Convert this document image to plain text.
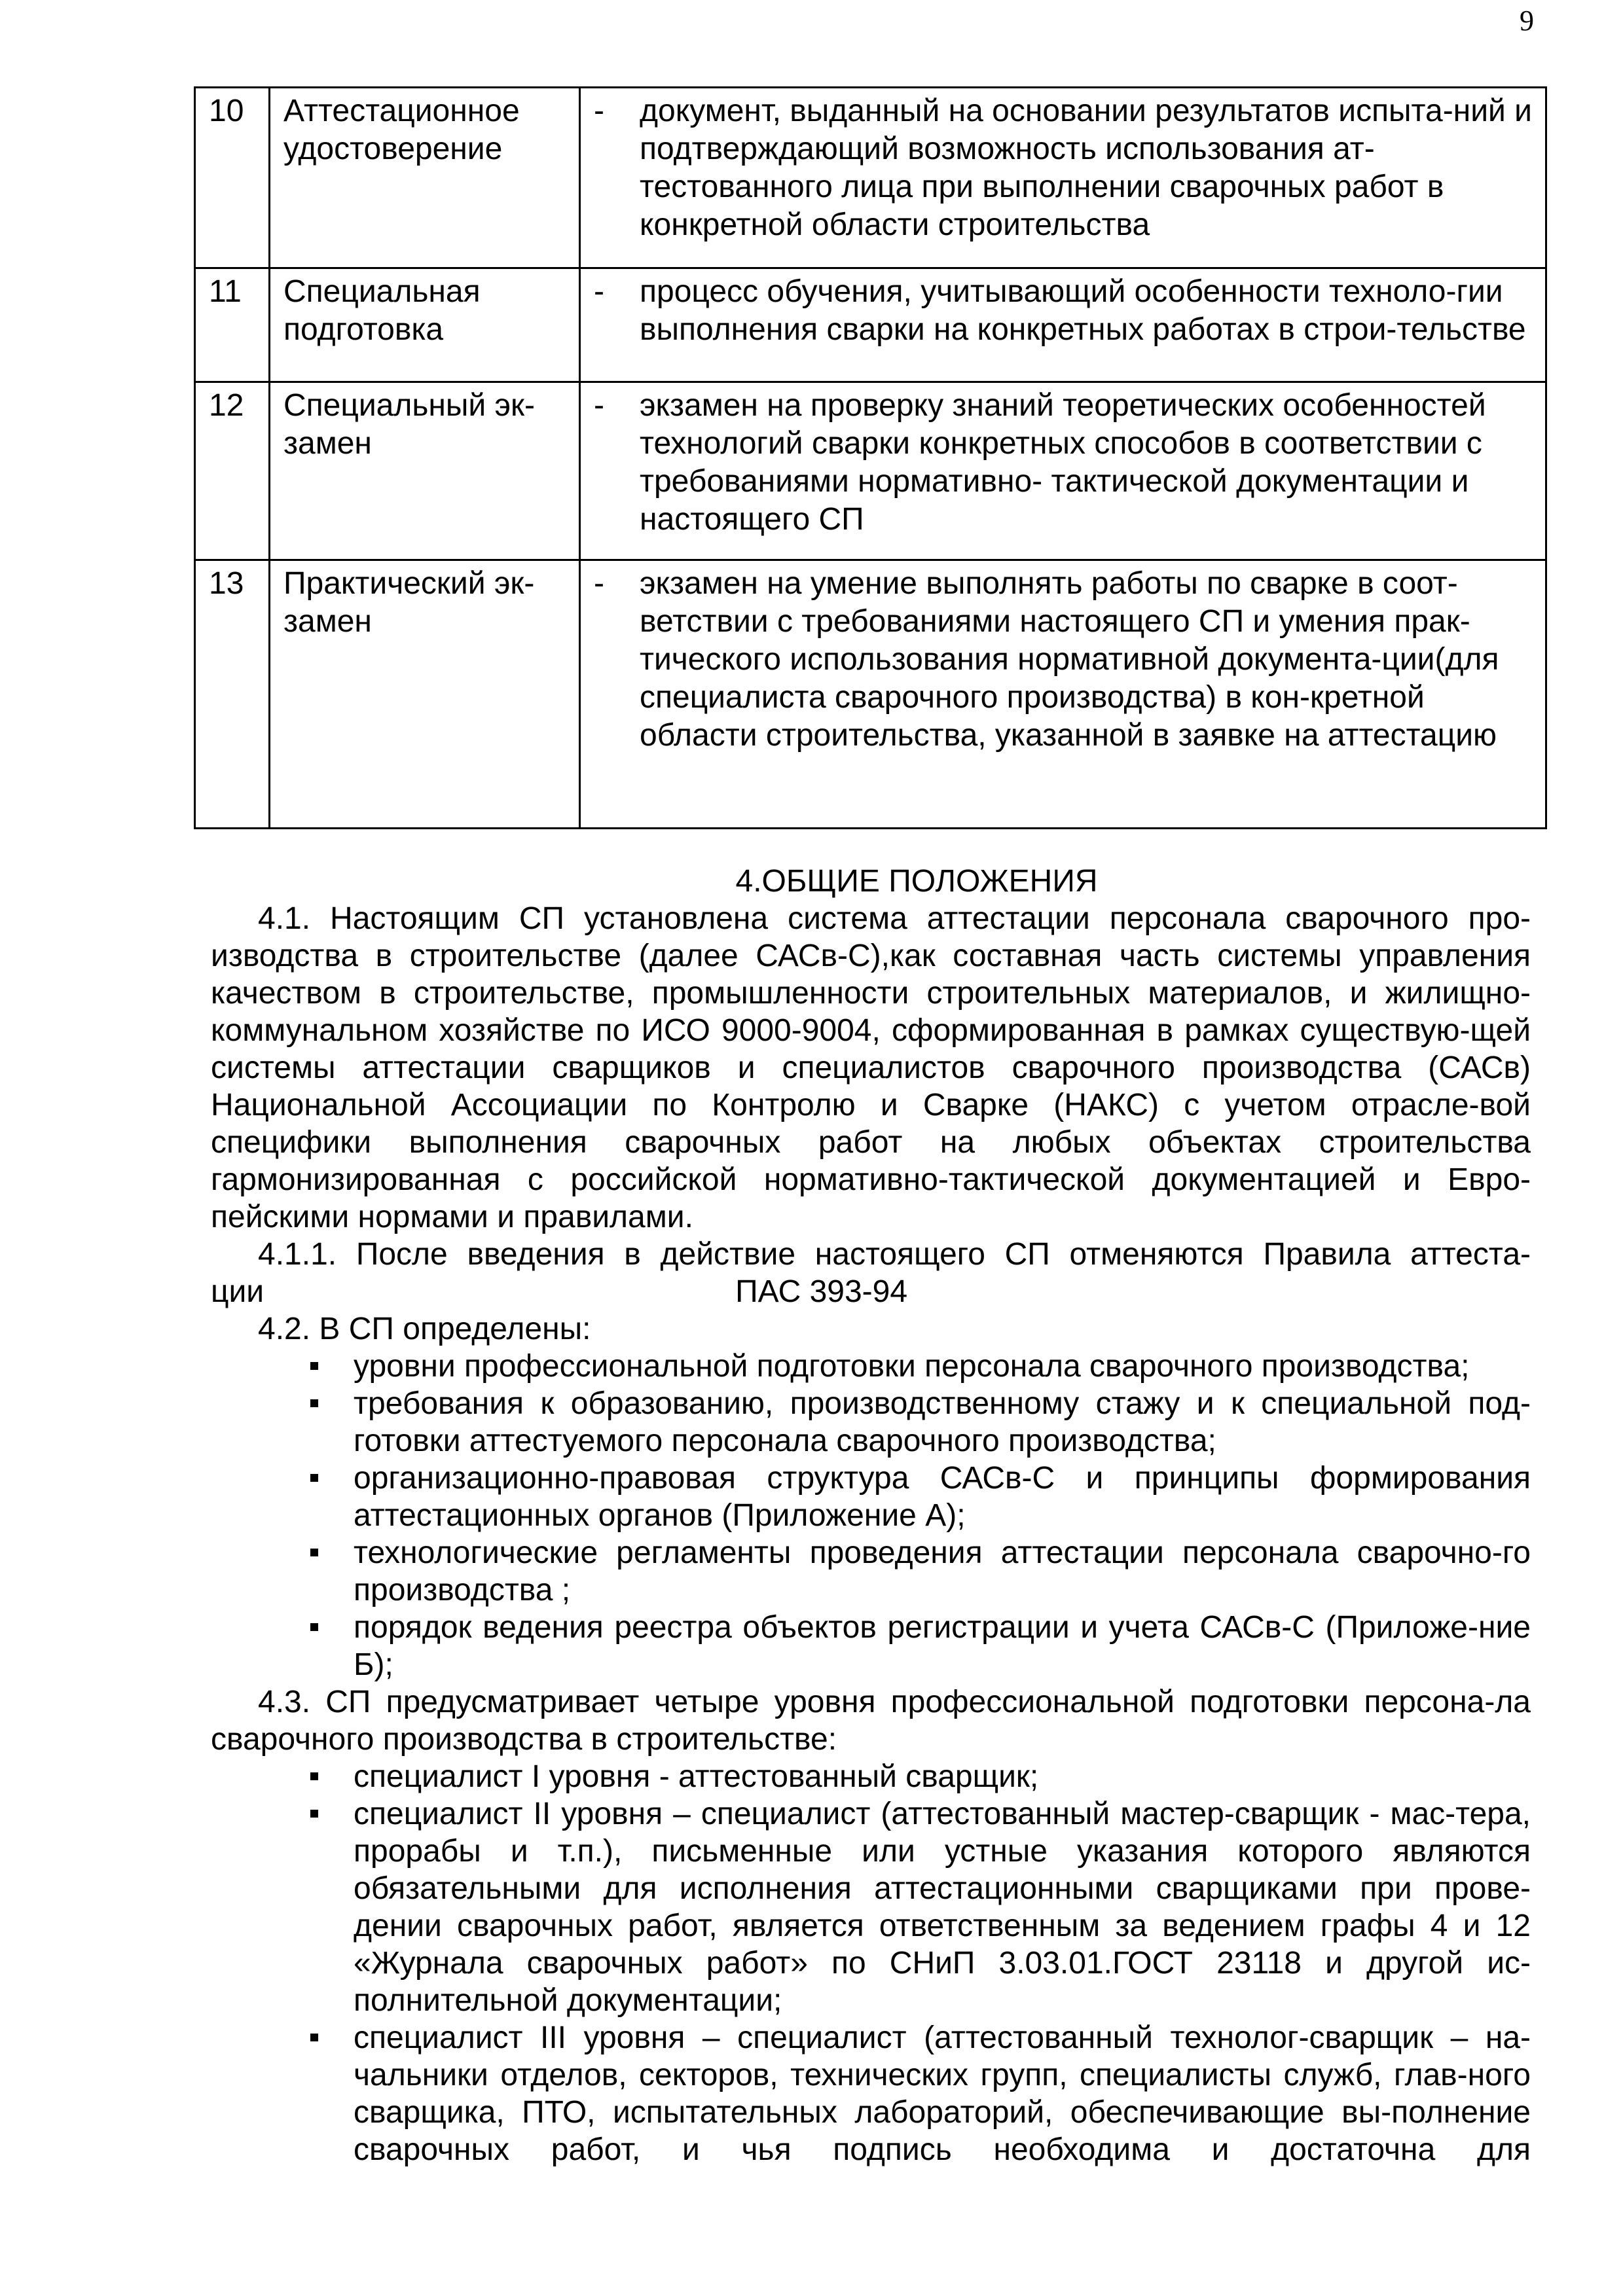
9
10	Аттестационное удостоверение	- документ, выданный на основании результатов испыта-ний и подтверждающий возможность использования ат-тестованного лица при выполнении сварочных работ в конкретной области строительства

11	Специальная подготовка	- процесс обучения, учитывающий особенности техноло-гии выполнения сварки на конкретных работах в строи-тельстве

12	Специальный эк-замен	- экзамен на проверку знаний теоретических особенностей технологий сварки конкретных способов в соответствии с требованиями нормативно- тактической документации и настоящего СП

13	Практический эк-замен	- экзамен на умение выполнять работы по сварке в соот-ветствии с требованиями настоящего СП и умения прак-тического использования нормативной документа-ции(для специалиста сварочного производства) в кон-кретной области строительства, указанной в заявке на аттестацию
4.ОБЩИЕ ПОЛОЖЕНИЯ

4.1. Настоящим СП установлена система аттестации персонала сварочного про-изводства в строительстве (далее САСв-С),как составная часть системы управления качеством в строительстве, промышленности строительных материалов, и жилищно-коммунальном хозяйстве по ИСО 9000-9004, сформированная в рамках существую-щей системы аттестации сварщиков и специалистов сварочного производства (САСв) Национальной Ассоциации по Контролю и Сварке (НАКС) с учетом отрасле-вой специфики выполнения сварочных работ на любых объектах строительства гармонизированная с российской нормативно-тактической документацией и Евро-пейскими нормами и правилами.

4.1.1. После введения в действие настоящего СП отменяются Правила аттеста-

ции	ПАС 393-94

4.2. В СП определены:

уровни профессиональной подготовки персонала сварочного производства;
требования к образованию, производственному стажу и к специальной под-готовки аттестуемого персонала сварочного производства;
организационно-правовая структура САСв-С и принципы формирования аттестационных органов (Приложение А);
технологические регламенты проведения аттестации персонала сварочно-го производства ;
порядок ведения реестра объектов регистрации и учета САСв-С (Приложе-ние Б);

4.3. СП предусматривает четыре уровня профессиональной подготовки персона-ла сварочного производства в строительстве:

специалист I уровня - аттестованный сварщик;
специалист II уровня – специалист (аттестованный мастер-сварщик - мас-тера, прорабы и т.п.), письменные или устные указания которого являются обязательными для исполнения аттестационными сварщиками при прове-дении сварочных работ, является ответственным за ведением графы 4 и 12 «Журнала сварочных работ» по СНиП 3.03.01.ГОСТ 23118 и другой ис-полнительной документации;
специалист III уровня – специалист (аттестованный технолог-сварщик – на-чальники отделов, секторов, технических групп, специалисты служб, глав-ного сварщика, ПТО, испытательных лабораторий, обеспечивающие вы-полнение сварочных работ, и чья подпись необходима и достаточна для
